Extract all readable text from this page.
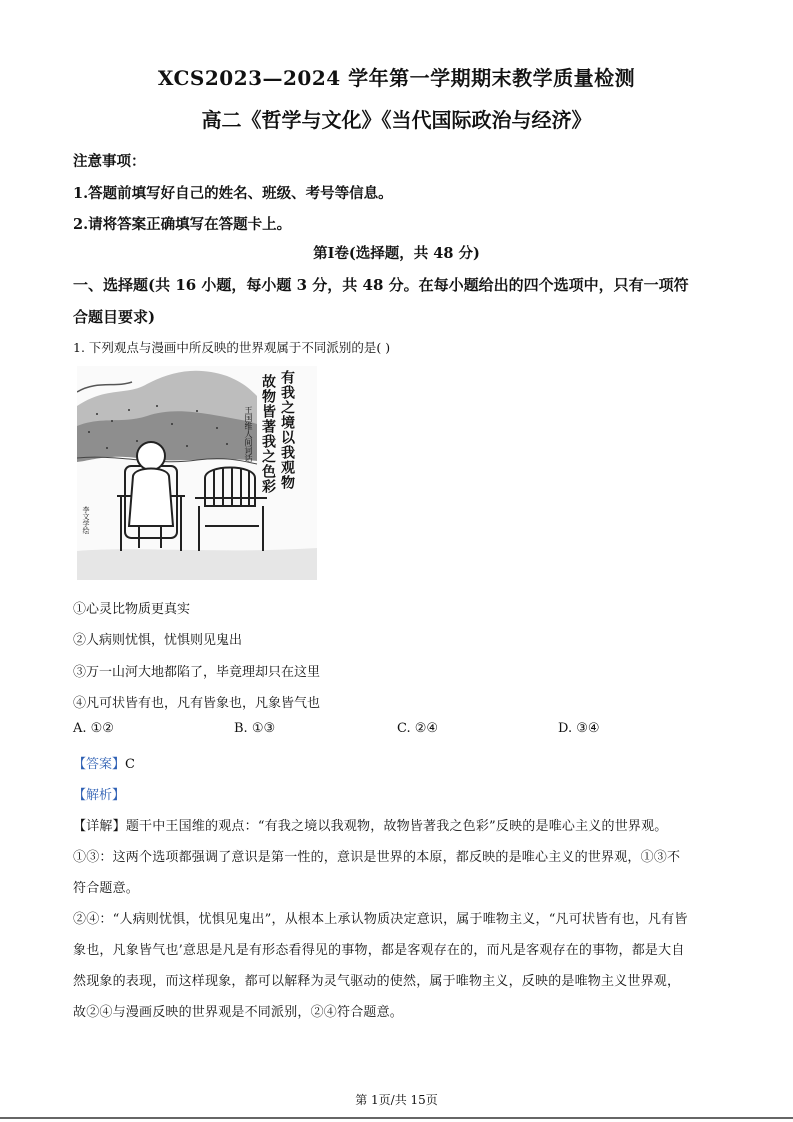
XCS2023—2024 学年第一学期期末教学质量检测
高二《哲学与文化》《当代国际政治与经济》
注意事项：
1.答题前填写好自己的姓名、班级、考号等信息。
2.请将答案正确填写在答题卡上。
第Ⅰ卷(选择题，共 48 分)
一、选择题(共 16 小题，每小题 3 分，共 48 分。在每小题给出的四个选项中，只有一项符
合题目要求)
1. 下列观点与漫画中所反映的世界观属于不同派别的是( )
有我之境以我观物
故物皆著我之色彩
王国维人间词话
李文学绘
①心灵比物质更真实
②人病则忧惧，忧惧则见鬼出
③万一山河大地都陷了，毕竟理却只在这里
④凡可状皆有也，凡有皆象也，凡象皆气也
A. ①②	B. ①③	C. ②④	D. ③④
【答案】C
【解析】
【详解】题干中王国维的观点：“有我之境以我观物，故物皆著我之色彩”反映的是唯心主义的世界观。
①③：这两个选项都强调了意识是第一性的，意识是世界的本原，都反映的是唯心主义的世界观，①③不
符合题意。
②④：“人病则忧惧，忧惧见鬼出”，从根本上承认物质决定意识，属于唯物主义，“凡可状皆有也，凡有皆
象也，凡象皆气也’意思是凡是有形态看得见的事物，都是客观存在的，而凡是客观存在的事物，都是大自
然现象的表现，而这样现象，都可以解释为灵气驱动的使然，属于唯物主义，反映的是唯物主义世界观，
故②④与漫画反映的世界观是不同派别，②④符合题意。
第 1页/共 15页
